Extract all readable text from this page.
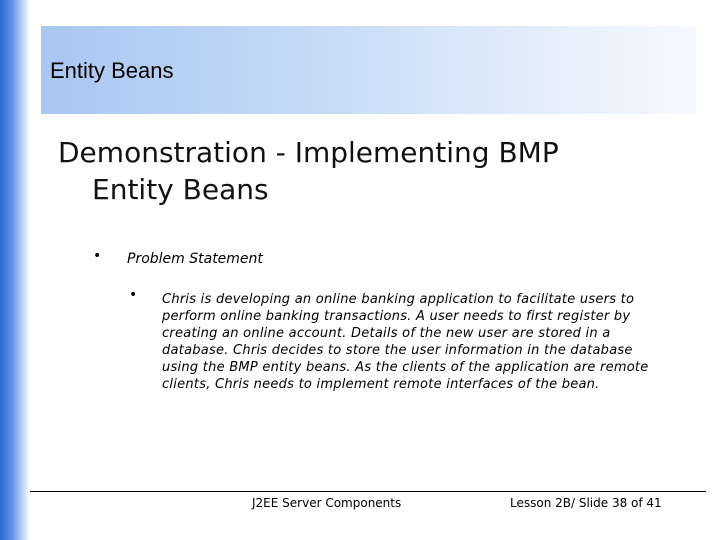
Entity Beans
Demonstration - Implementing BMP
Entity Beans
• Problem Statement
• Chris is developing an online banking application to facilitate users to perform online banking transactions. A user needs to first register by creating an online account. Details of the new user are stored in a database. Chris decides to store the user information in the database using the BMP entity beans. As the clients of the application are remote clients, Chris needs to implement remote interfaces of the bean.
J2EE Server Components	Lesson 2B/ Slide 38 of 41
